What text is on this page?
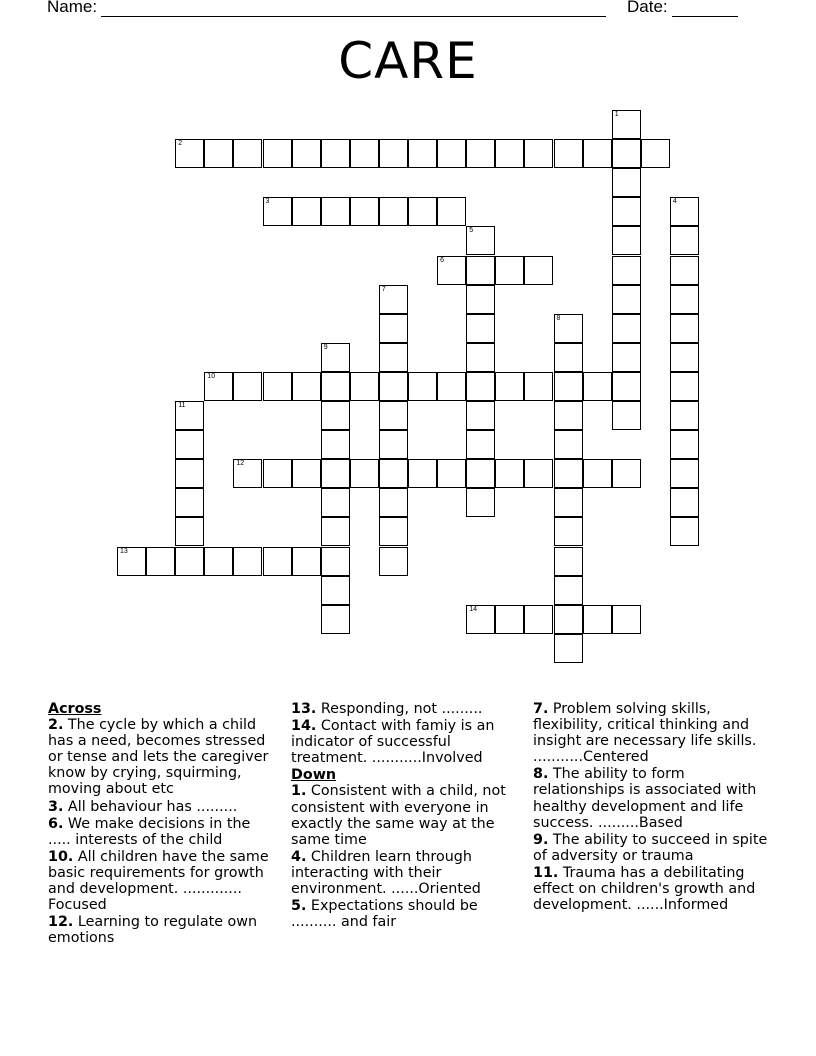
Name:	Date:
CARE
1
2
3	4
5
6
7
8
9
10
11
12
13
14
Across
2. The cycle by which a child has a need, becomes stressed or tense and lets the caregiver know by crying, squirming, moving about etc
3. All behaviour has .........
6. We make decisions in the ..... interests of the child
10. All children have the same basic requirements for growth and development. ............. Focused
12. Learning to regulate own emotions
13. Responding, not .........
14. Contact with famiy is an indicator of successful treatment. ...........Involved
Down
1. Consistent with a child, not consistent with everyone in exactly the same way at the same time
4. Children learn through interacting with their environment. ......Oriented
5. Expectations should be .......... and fair
7. Problem solving skills, flexibility, critical thinking and insight are necessary life skills. ...........Centered
8. The ability to form relationships is associated with healthy development and life success. .........Based
9. The ability to succeed in spite of adversity or trauma
11. Trauma has a debilitating effect on children's growth and development. ......Informed
